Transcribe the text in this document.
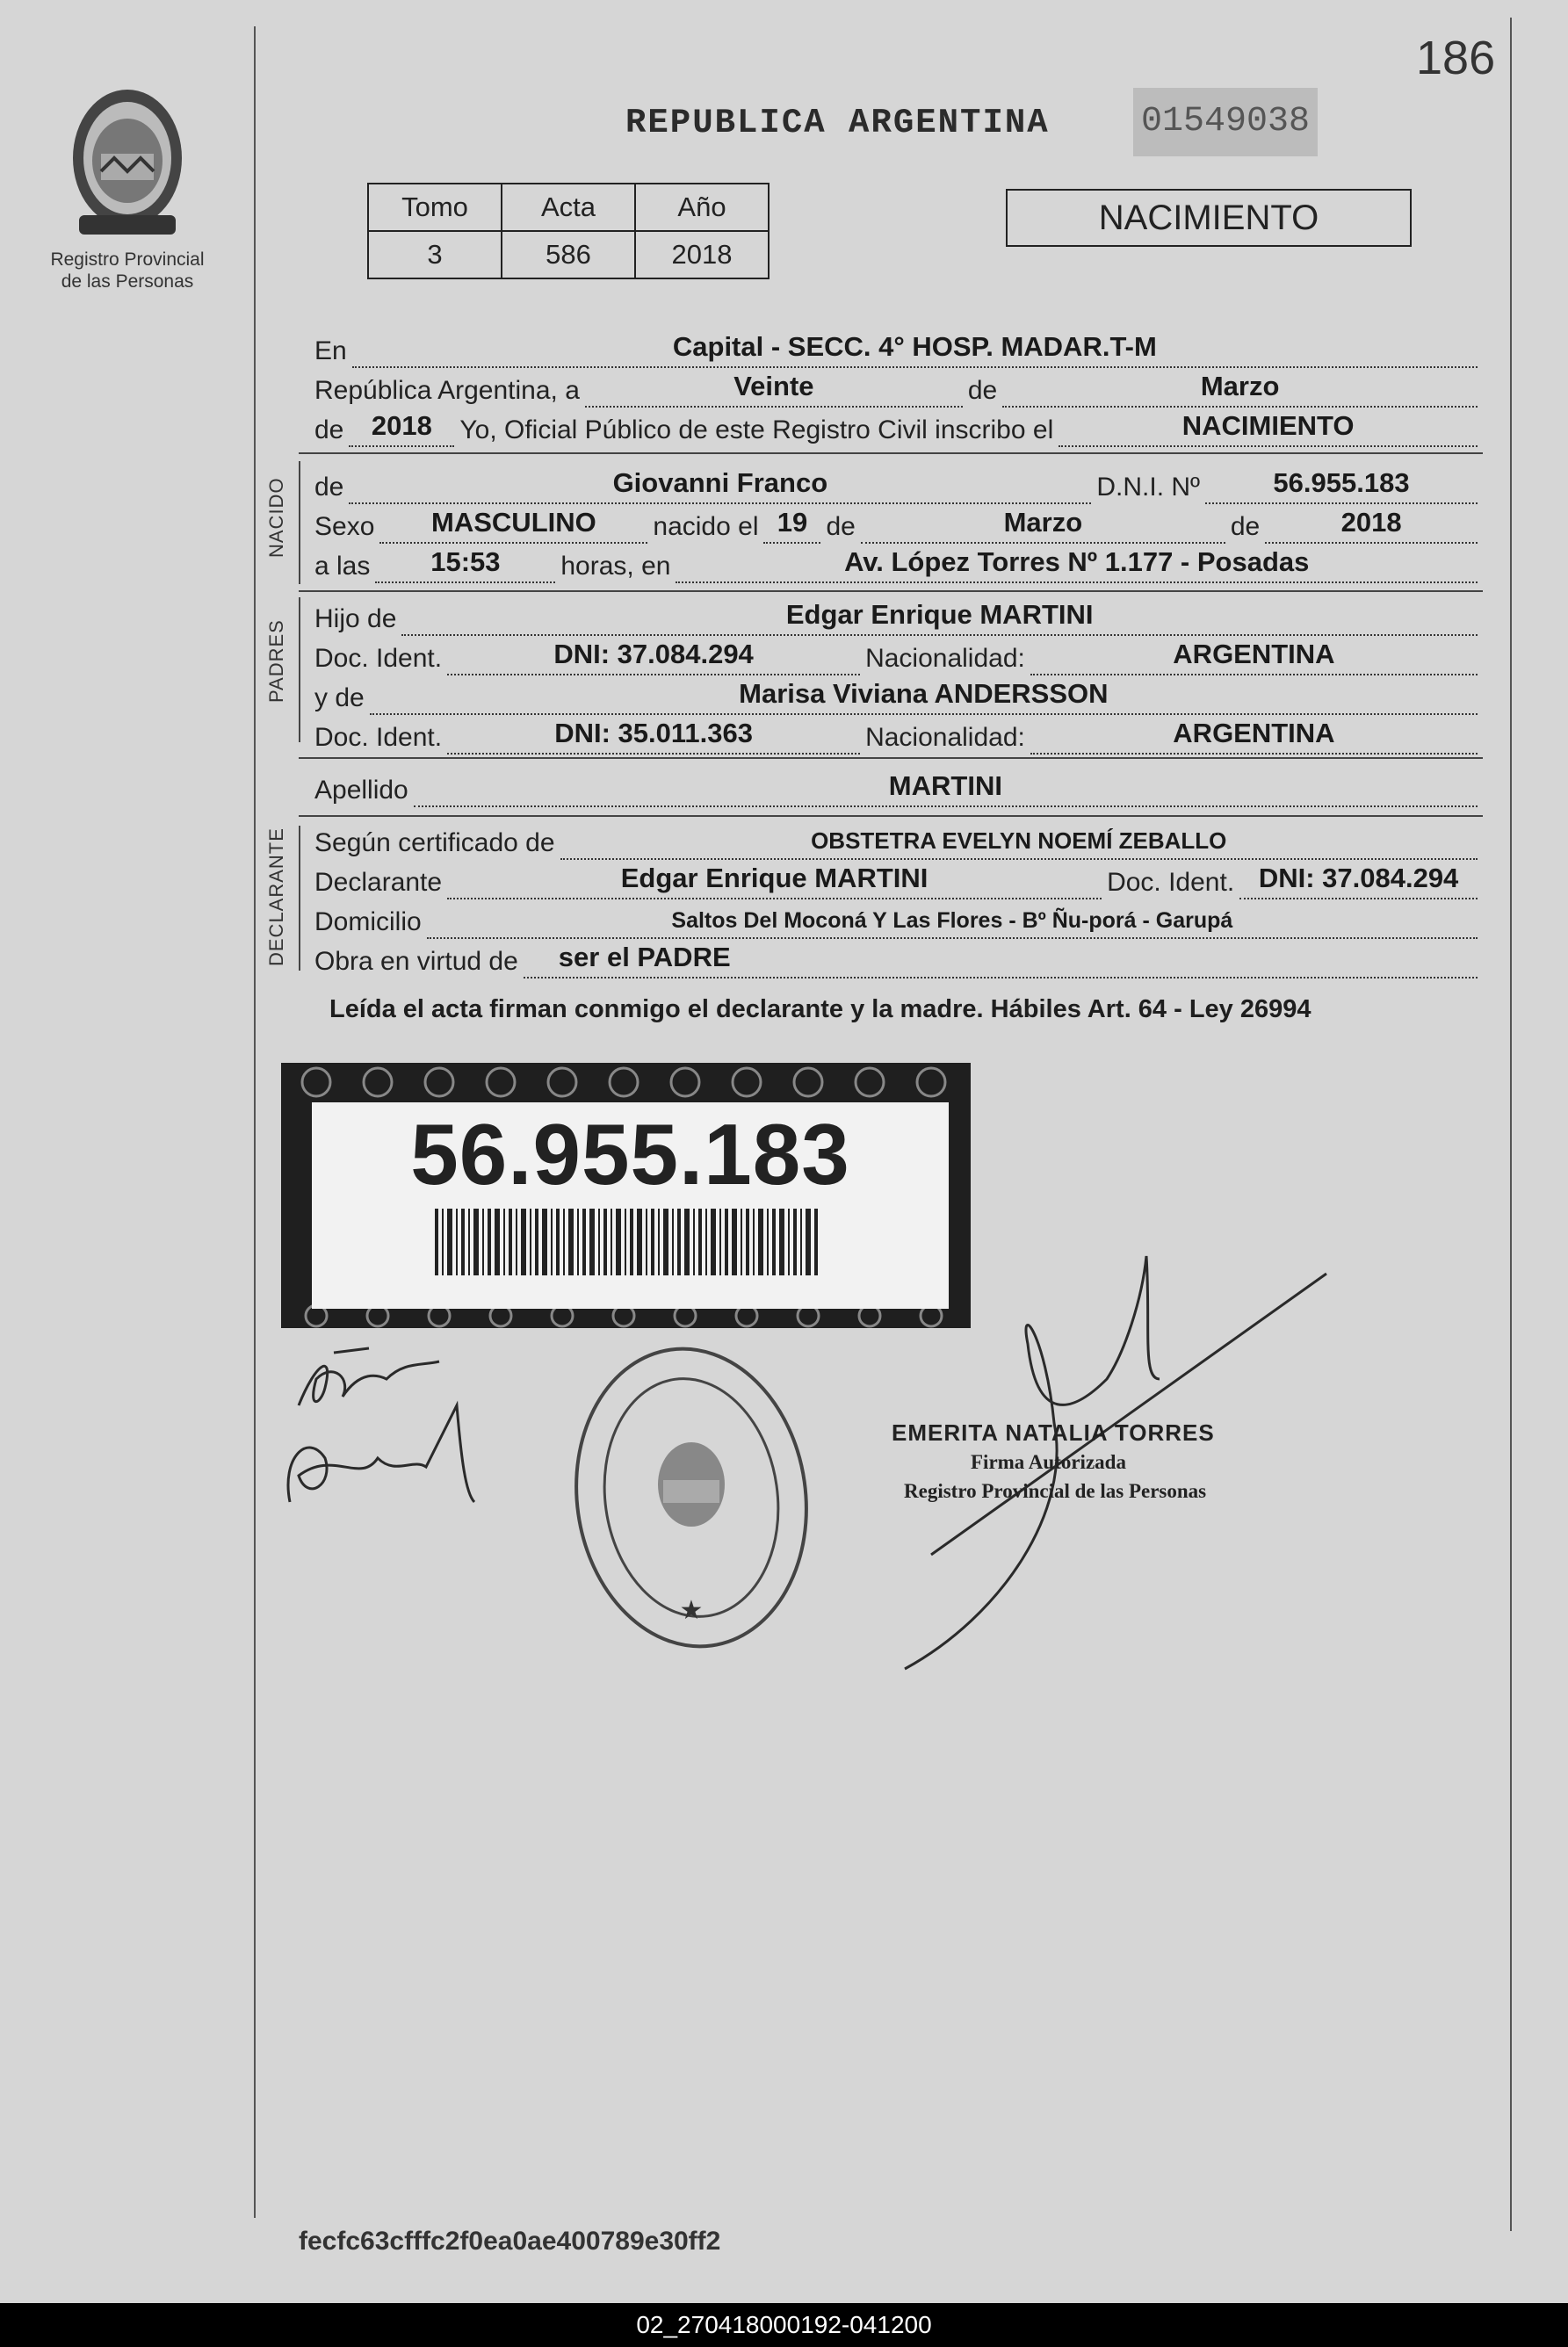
Registro Provincial
de las Personas
186
REPUBLICA ARGENTINA	01549038
Tomo	Acta	Año
3	586	2018
NACIMIENTO
En	Capital - SECC. 4° HOSP. MADAR.T-M
República Argentina, a	Veinte	de	Marzo
de	2018	Yo, Oficial Público de este Registro Civil inscribo el	NACIMIENTO
NACIDO de	Giovanni Franco	D.N.I. Nº	56.955.183
Sexo	MASCULINO	nacido el 19 de	Marzo	de	2018
a las	15:53	horas, en	Av. López Torres Nº 1.177 - Posadas
PADRES
Hijo de	Edgar Enrique MARTINI
Doc. Ident.	DNI: 37.084.294	Nacionalidad:	ARGENTINA
y de	Marisa Viviana ANDERSSON
Doc. Ident.	DNI: 35.011.363	Nacionalidad:	ARGENTINA
Apellido	MARTINI
DECLARANTE Según certificado de	OBSTETRA EVELYN NOEMÍ ZEBALLO
Declarante	Edgar Enrique MARTINI	Doc. Ident. DNI: 37.084.294
Domicilio	Saltos Del Moconá Y Las Flores - Bº Ñu-porá - Garupá
Obra en virtud de ser el PADRE
Leída el acta firman conmigo el declarante y la madre. Hábiles Art. 64 - Ley 26994
56.955.183
★
EMERITA NATALIA TORRES
Firma Autorizada
Registro Provincial de las Personas
fecfc63cfffc2f0ea0ae400789e30ff2
02_270418000192-041200
